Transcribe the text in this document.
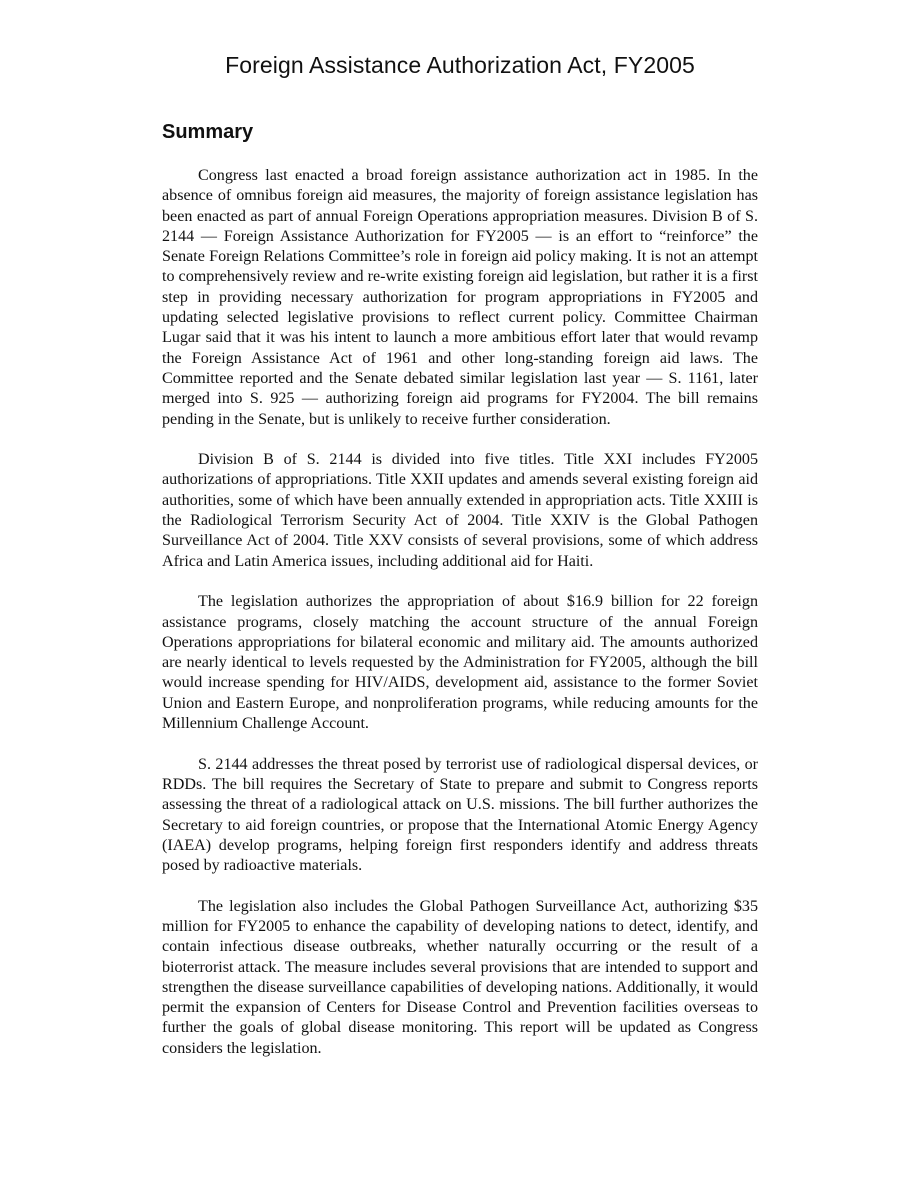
Foreign Assistance Authorization Act, FY2005
Summary

Congress last enacted a broad foreign assistance authorization act in 1985. In the absence of omnibus foreign aid measures, the majority of foreign assistance legislation has been enacted as part of annual Foreign Operations appropriation measures. Division B of S. 2144 — Foreign Assistance Authorization for FY2005 — is an effort to “reinforce” the Senate Foreign Relations Committee’s role in foreign aid policy making. It is not an attempt to comprehensively review and re-write existing foreign aid legislation, but rather it is a first step in providing necessary authorization for program appropriations in FY2005 and updating selected legislative provisions to reflect current policy. Committee Chairman Lugar said that it was his intent to launch a more ambitious effort later that would revamp the Foreign Assistance Act of 1961 and other long-standing foreign aid laws. The Committee reported and the Senate debated similar legislation last year — S. 1161, later merged into S. 925 — authorizing foreign aid programs for FY2004. The bill remains pending in the Senate, but is unlikely to receive further consideration.

Division B of S. 2144 is divided into five titles. Title XXI includes FY2005 authorizations of appropriations. Title XXII updates and amends several existing foreign aid authorities, some of which have been annually extended in appropriation acts. Title XXIII is the Radiological Terrorism Security Act of 2004. Title XXIV is the Global Pathogen Surveillance Act of 2004. Title XXV consists of several provisions, some of which address Africa and Latin America issues, including additional aid for Haiti.

The legislation authorizes the appropriation of about $16.9 billion for 22 foreign assistance programs, closely matching the account structure of the annual Foreign Operations appropriations for bilateral economic and military aid. The amounts authorized are nearly identical to levels requested by the Administration for FY2005, although the bill would increase spending for HIV/AIDS, development aid, assistance to the former Soviet Union and Eastern Europe, and nonproliferation programs, while reducing amounts for the Millennium Challenge Account.

S. 2144 addresses the threat posed by terrorist use of radiological dispersal devices, or RDDs. The bill requires the Secretary of State to prepare and submit to Congress reports assessing the threat of a radiological attack on U.S. missions. The bill further authorizes the Secretary to aid foreign countries, or propose that the International Atomic Energy Agency (IAEA) develop programs, helping foreign first responders identify and address threats posed by radioactive materials.

The legislation also includes the Global Pathogen Surveillance Act, authorizing $35 million for FY2005 to enhance the capability of developing nations to detect, identify, and contain infectious disease outbreaks, whether naturally occurring or the result of a bioterrorist attack. The measure includes several provisions that are intended to support and strengthen the disease surveillance capabilities of developing nations. Additionally, it would permit the expansion of Centers for Disease Control and Prevention facilities overseas to further the goals of global disease monitoring. This report will be updated as Congress considers the legislation.
